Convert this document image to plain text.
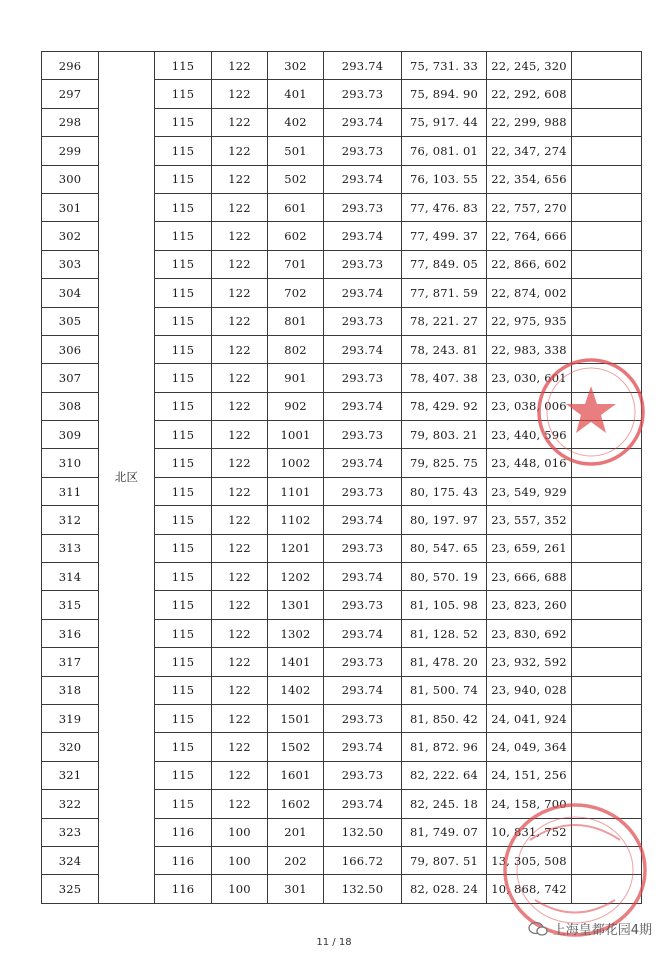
296	北区	115	122	302	293.74	75, 731. 33	22, 245, 320	
297		115	122	401	293.73	75, 894. 90	22, 292, 608	
298		115	122	402	293.74	75, 917. 44	22, 299, 988	
299		115	122	501	293.73	76, 081. 01	22, 347, 274	
300		115	122	502	293.74	76, 103. 55	22, 354, 656	
301		115	122	601	293.73	77, 476. 83	22, 757, 270	
302		115	122	602	293.74	77, 499. 37	22, 764, 666	
303		115	122	701	293.73	77, 849. 05	22, 866, 602	
304		115	122	702	293.74	77, 871. 59	22, 874, 002	
305		115	122	801	293.73	78, 221. 27	22, 975, 935	
306		115	122	802	293.74	78, 243. 81	22, 983, 338	
307		115	122	901	293.73	78, 407. 38	23, 030, 601	
308		115	122	902	293.74	78, 429. 92	23, 038, 006	
309		115	122	1001	293.73	79, 803. 21	23, 440, 596	
310		115	122	1002	293.74	79, 825. 75	23, 448, 016	
311		115	122	1101	293.73	80, 175. 43	23, 549, 929	
312		115	122	1102	293.74	80, 197. 97	23, 557, 352	
313		115	122	1201	293.73	80, 547. 65	23, 659, 261	
314		115	122	1202	293.74	80, 570. 19	23, 666, 688	
315		115	122	1301	293.73	81, 105. 98	23, 823, 260	
316		115	122	1302	293.74	81, 128. 52	23, 830, 692	
317		115	122	1401	293.73	81, 478. 20	23, 932, 592	
318		115	122	1402	293.74	81, 500. 74	23, 940, 028	
319		115	122	1501	293.73	81, 850. 42	24, 041, 924	
320		115	122	1502	293.74	81, 872. 96	24, 049, 364	
321		115	122	1601	293.73	82, 222. 64	24, 151, 256	
322		115	122	1602	293.74	82, 245. 18	24, 158, 700	
323		116	100	201	132.50	81, 749. 07	10, 831, 752	
324		116	100	202	166.72	79, 807. 51	13, 305, 508	
325		116	100	301	132.50	82, 028. 24	10, 868, 742	
11 / 18
上海皇都花园4期
